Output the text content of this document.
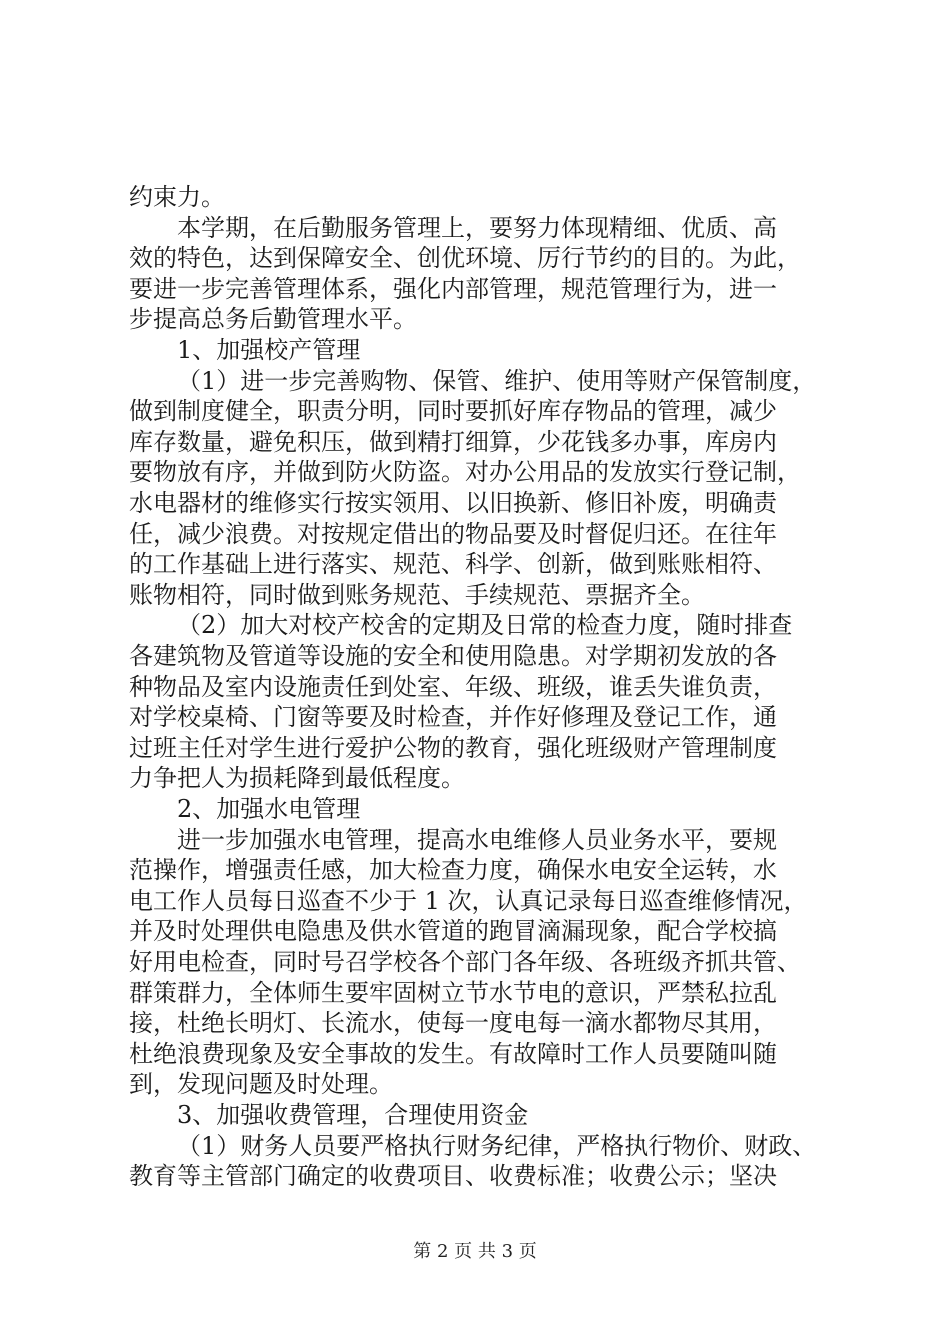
约束力。
本学期，在后勤服务管理上，要努力体现精细、优质、高
效的特色，达到保障安全、创优环境、厉行节约的目的。为此，
要进一步完善管理体系，强化内部管理，规范管理行为，进一
步提高总务后勤管理水平。
1、加强校产管理
（1）进一步完善购物、保管、维护、使用等财产保管制度，
做到制度健全，职责分明，同时要抓好库存物品的管理，减少
库存数量，避免积压，做到精打细算，少花钱多办事，库房内
要物放有序，并做到防火防盗。对办公用品的发放实行登记制，
水电器材的维修实行按实领用、以旧换新、修旧补废，明确责
任，减少浪费。对按规定借出的物品要及时督促归还。在往年
的工作基础上进行落实、规范、科学、创新，做到账账相符、
账物相符，同时做到账务规范、手续规范、票据齐全。
（2）加大对校产校舍的定期及日常的检查力度，随时排查
各建筑物及管道等设施的安全和使用隐患。对学期初发放的各
种物品及室内设施责任到处室、年级、班级，谁丢失谁负责，
对学校桌椅、门窗等要及时检查，并作好修理及登记工作，通
过班主任对学生进行爱护公物的教育，强化班级财产管理制度
力争把人为损耗降到最低程度。
2、加强水电管理
进一步加强水电管理，提高水电维修人员业务水平，要规
范操作，增强责任感，加大检查力度，确保水电安全运转，水
电工作人员每日巡查不少于 1 次，认真记录每日巡查维修情况，
并及时处理供电隐患及供水管道的跑冒滴漏现象，配合学校搞
好用电检查，同时号召学校各个部门各年级、各班级齐抓共管、
群策群力，全体师生要牢固树立节水节电的意识，严禁私拉乱
接，杜绝长明灯、长流水，使每一度电每一滴水都物尽其用，
杜绝浪费现象及安全事故的发生。有故障时工作人员要随叫随
到，发现问题及时处理。
3、加强收费管理，合理使用资金
（1）财务人员要严格执行财务纪律，严格执行物价、财政、
教育等主管部门确定的收费项目、收费标准；收费公示；坚决
第 2 页 共 3 页
